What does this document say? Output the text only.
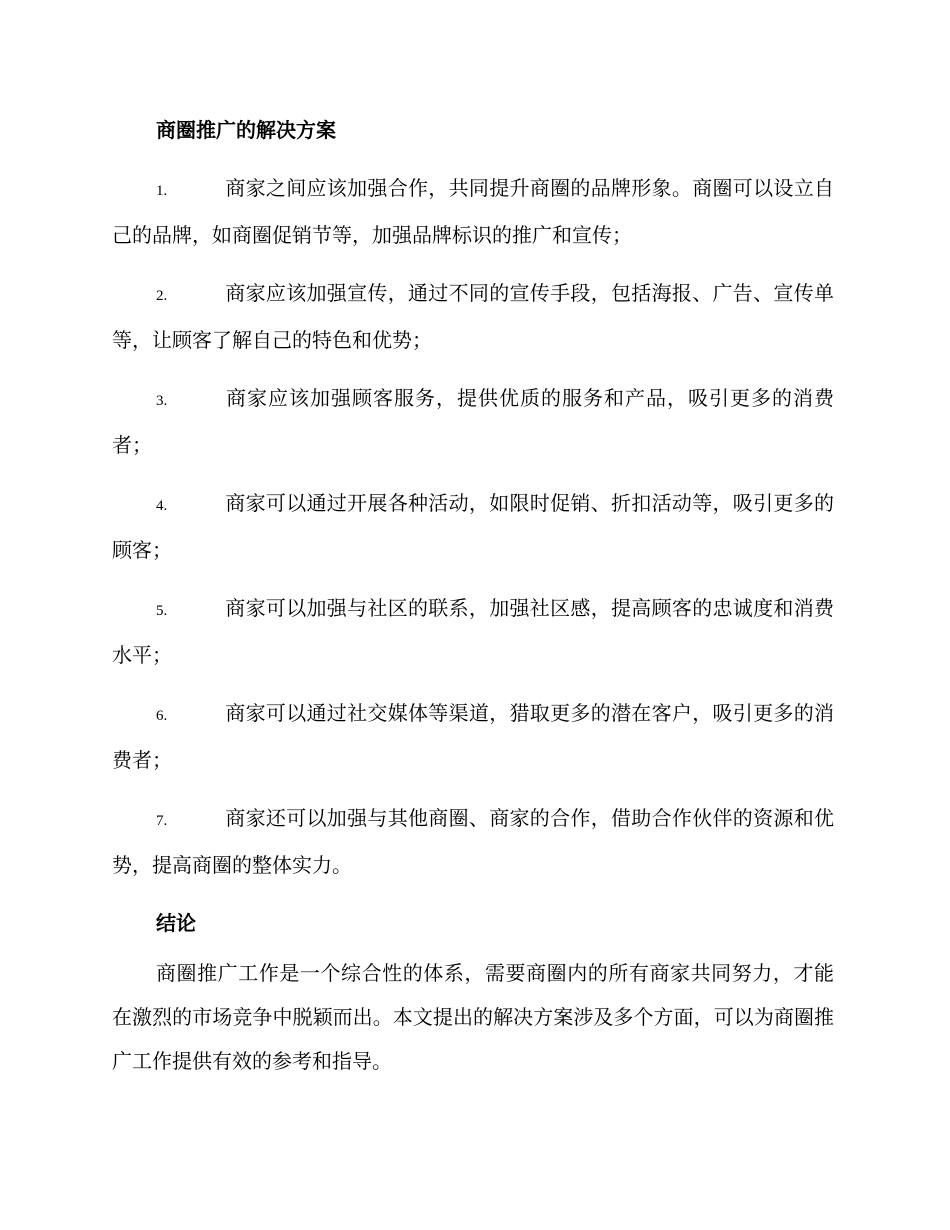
商圈推广的解决方案
1.	商家之间应该加强合作，共同提升商圈的品牌形象。商圈可以设立自己的品牌，如商圈促销节等，加强品牌标识的推广和宣传；
2.	商家应该加强宣传，通过不同的宣传手段，包括海报、广告、宣传单等，让顾客了解自己的特色和优势；
3.	商家应该加强顾客服务，提供优质的服务和产品，吸引更多的消费者；
4.	商家可以通过开展各种活动，如限时促销、折扣活动等，吸引更多的顾客；
5.	商家可以加强与社区的联系，加强社区感，提高顾客的忠诚度和消费水平；
6.	商家可以通过社交媒体等渠道，猎取更多的潜在客户，吸引更多的消费者；
7.	商家还可以加强与其他商圈、商家的合作，借助合作伙伴的资源和优势，提高商圈的整体实力。
结论
商圈推广工作是一个综合性的体系，需要商圈内的所有商家共同努力，才能在激烈的市场竞争中脱颖而出。本文提出的解决方案涉及多个方面，可以为商圈推广工作提供有效的参考和指导。
